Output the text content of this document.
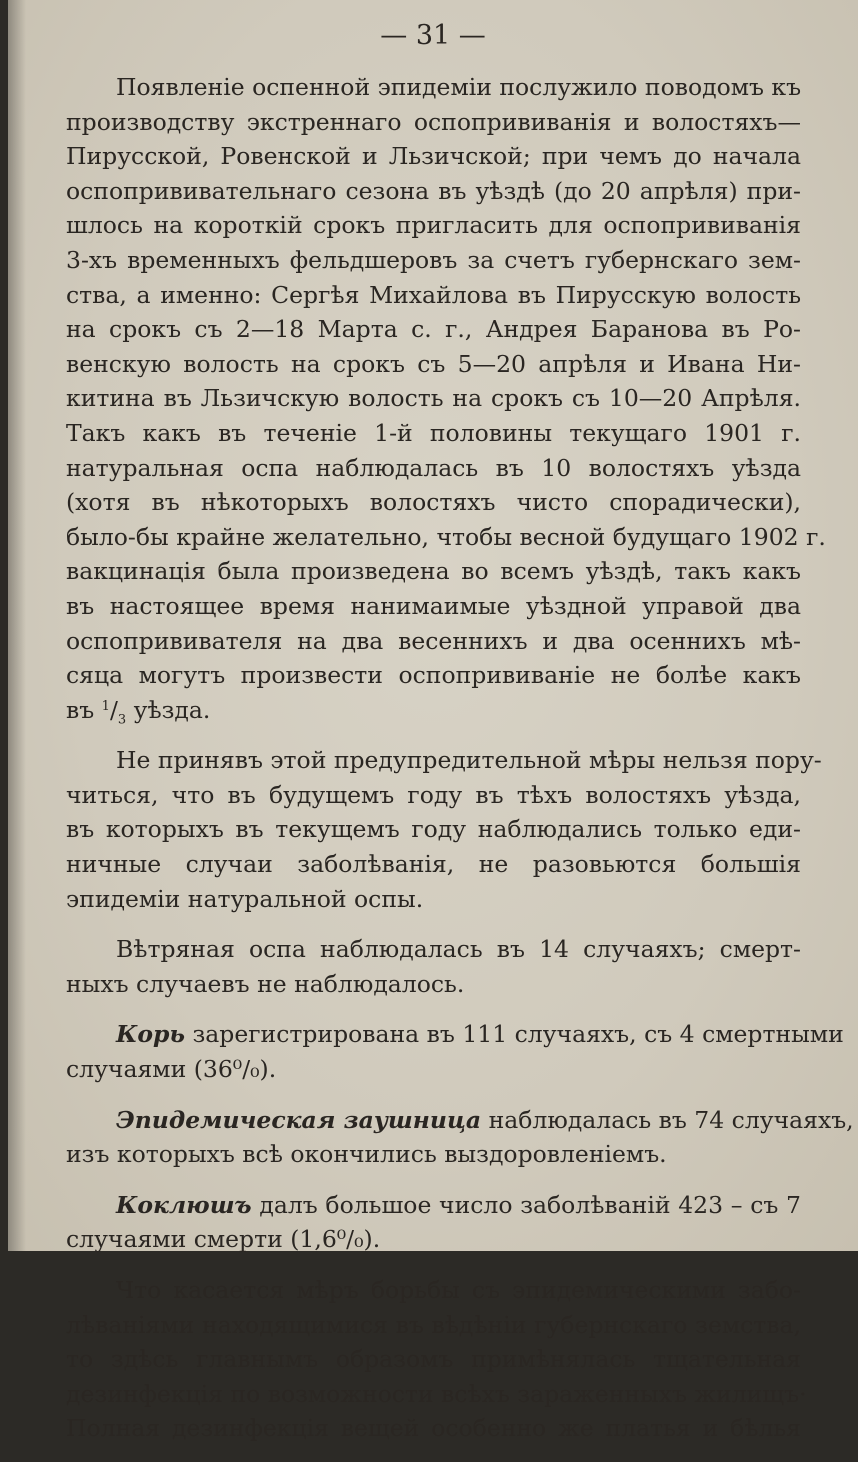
— 31 —
Появленіе оспенной эпидеміи послужило поводомъ къ
производству экстреннаго оспопрививанія и волостяхъ—
Пирусской, Ровенской и Льзичской; при чемъ до начала
оспопрививательнаго сезона въ уѣздѣ (до 20 апрѣля) при-
шлось на короткій срокъ пригласить для оспопрививанія
3-хъ временныхъ фельдшеровъ за счетъ губернскаго зем-
ства, а именно: Сергѣя Михайлова въ Пирусскую волость
на срокъ съ 2—18 Марта с. г., Андрея Баранова въ Ро-
венскую волость на срокъ съ 5—20 апрѣля и Ивана Ни-
китина въ Льзичскую волость на срокъ съ 10—20 Апрѣля.
Такъ какъ въ теченіе 1-й половины текущаго 1901 г.
натуральная оспа наблюдалась въ 10 волостяхъ уѣзда
(хотя въ нѣкоторыхъ волостяхъ чисто спорадически),
было-бы крайне желательно, чтобы весной будущаго 1902 г.
вакцинація была произведена во всемъ уѣздѣ, такъ какъ
въ настоящее время нанимаимые уѣздной управой два
оспопрививателя на два весеннихъ и два осеннихъ мѣ-
сяца могутъ произвести оспопрививаніе не болѣе какъ
въ $^1/_3$ уѣзда.
Не принявъ этой предупредительной мѣры нельзя пору-
читься, что въ будущемъ году въ тѣхъ волостяхъ уѣзда,
въ которыхъ въ текущемъ году наблюдались только еди-
ничные случаи заболѣванія, не разовьются большія
эпидеміи натуральной оспы.
Вѣтряная оспа наблюдалась въ 14 случаяхъ; смерт-
ныхъ случаевъ не наблюдалось.
Корь зарегистрирована въ 111 случаяхъ, съ 4 смертными
случаями (36⁰/₀).
Эпидемическая заушница наблюдалась въ 74 случаяхъ,
изъ которыхъ всѣ окончились выздоровленіемъ.
Коклюшъ далъ большое число заболѣваній 423 – съ 7
случаями смерти (1,6⁰/₀).
Что касается мѣръ борьбы съ эпидемическими забо-
лѣваніями находящимися въ вѣдѣніи губернскаго земства,
то здѣсь главнымъ образомъ примѣнялась тщательная
дезинфекція по возможности всѣхъ зараженныхъ жилищъ·
Полная дезинфекція вещей особенно же платья и бѣлья
